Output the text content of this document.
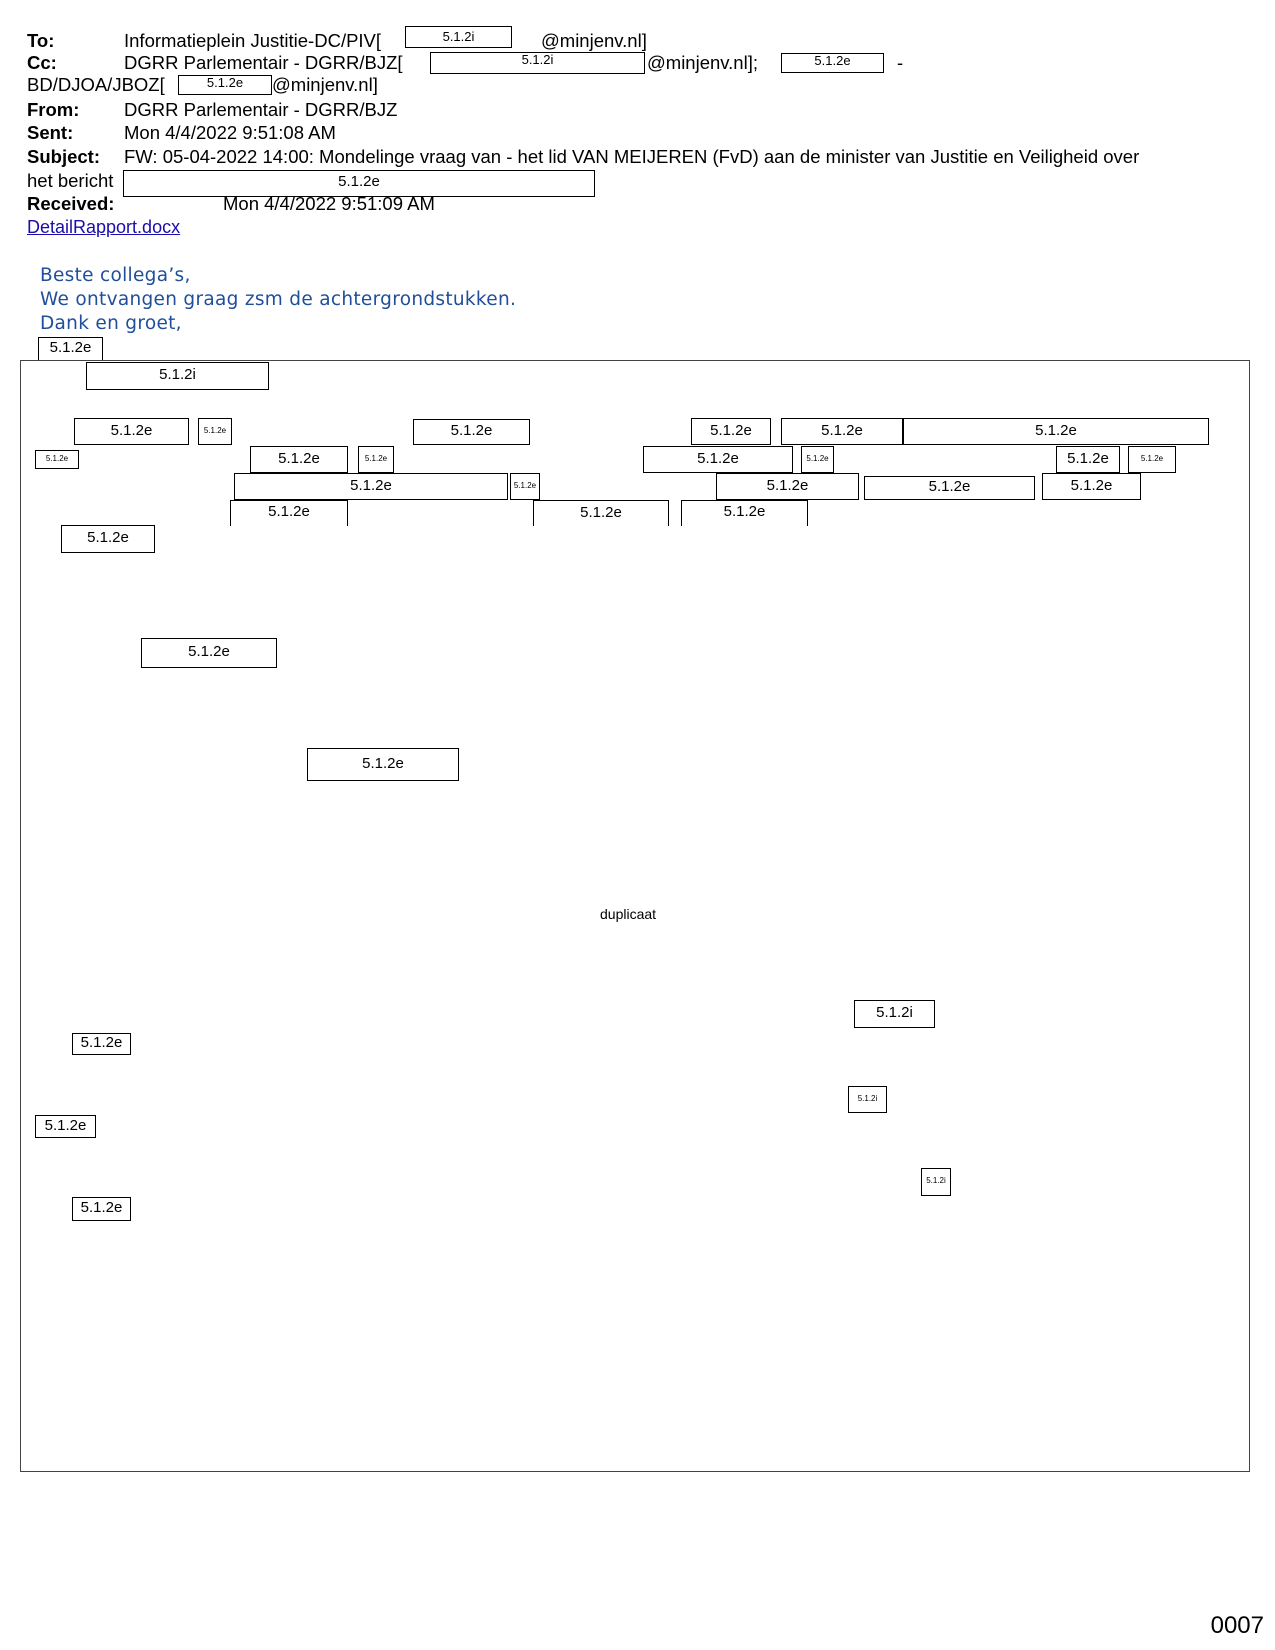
To:	Informatieplein Justitie-DC/PIV[	@minjenv.nl]
5.1.2i
Cc:	DGRR Parlementair - DGRR/BJZ[	@minjenv.nl];	-
5.1.2i	5.1.2e
BD/DJOA/JBOZ[	@minjenv.nl]
5.1.2e
From: DGRR Parlementair - DGRR/BJZ
Sent:	Mon 4/4/2022 9:51:08 AM
Subject: FW: 05-04-2022 14:00: Mondelinge vraag van - het lid VAN MEIJEREN (FvD) aan de minister van Justitie en Veiligheid over
het bericht	5.1.2e
Received:	Mon 4/4/2022 9:51:09 AM
DetailRapport.docx
Beste collega’s,
We ontvangen graag zsm de achtergrondstukken.
Dank en groet,
5.1.2e
5.1.2i
5.1.2e	5.1.2e	5.1.2e	5.1.2e	5.1.2e	5.1.2e
5.1.2e	5.1.2e	5.1.2e	5.1.2e	5.1.2e	5.1.2e	5.1.2e
5.1.2e	5.1.2e	5.1.2e	5.1.2e	5.1.2e
5.1.2e	5.1.2e	5.1.2e
5.1.2e
5.1.2e
5.1.2e
duplicaat
5.1.2i
5.1.2e
5.1.2i
5.1.2e
5.1.2i
5.1.2e
0007
